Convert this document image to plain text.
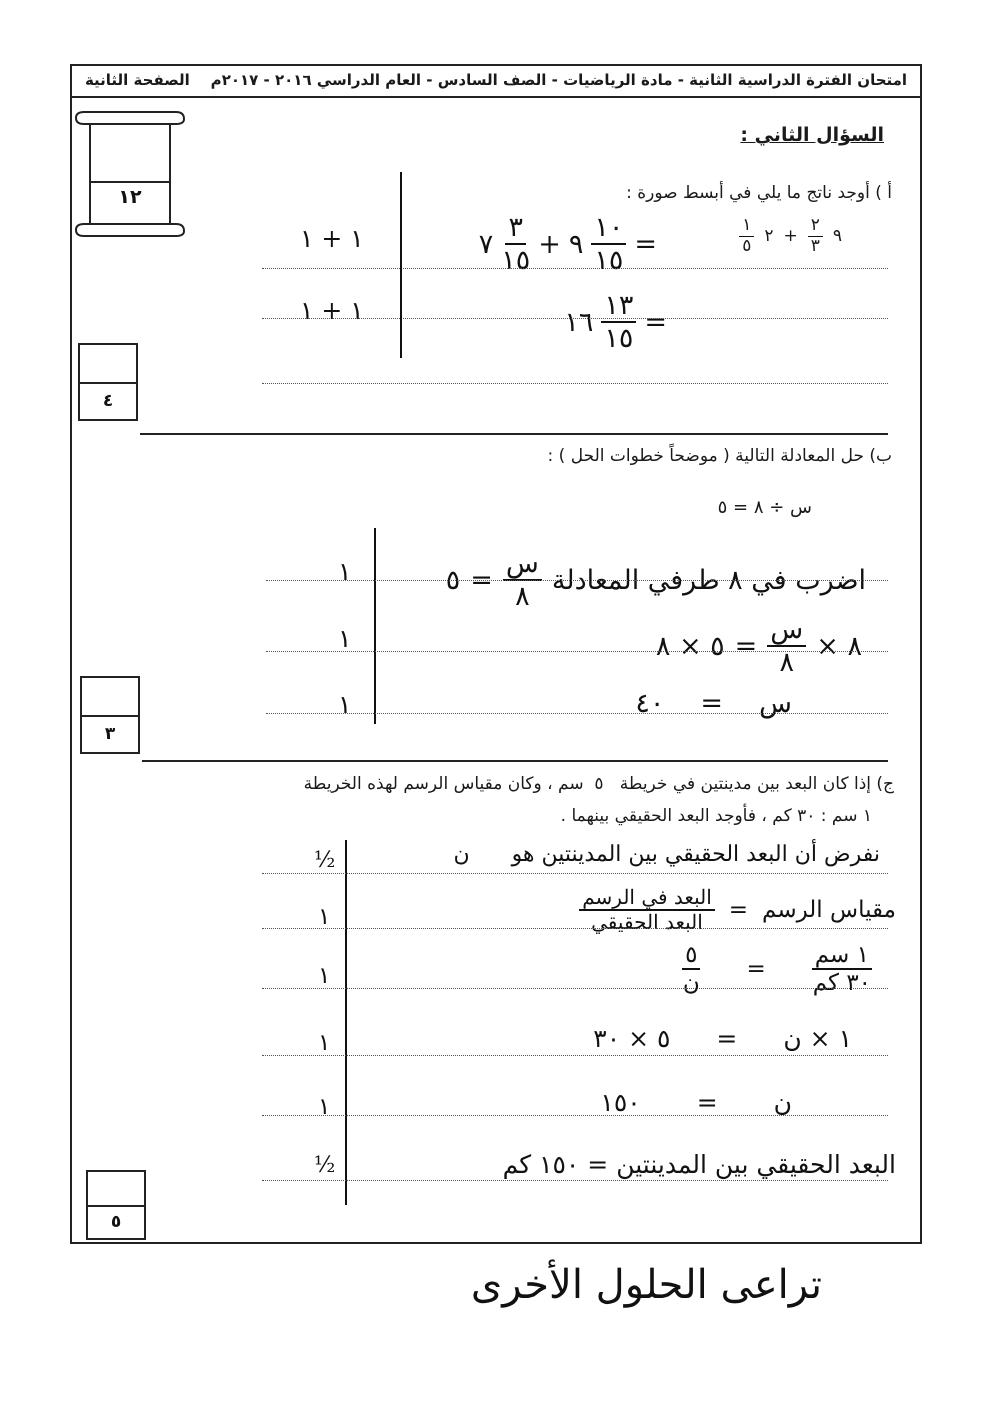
امتحان الفترة الدراسية الثانية - مادة الرياضيات - الصف السادس - العام الدراسي ٢٠١٦ - ٢٠١٧م    الصفحة الثانية
١٢
السؤال الثاني :
أ ) أوجد ناتج ما يلي في أبسط صورة :
٩
$\frac{٢}{٣}$
+
٢
$\frac{١}{٥}$
=
$\frac{١٠}{١٥}$
٩
+
$\frac{٣}{١٥}$
٧
=
$\frac{١٣}{١٥}$
١٦
١ + ١
١ + ١
٤
ب) حل المعادلة التالية ( موضحاً خطوات الحل ) :
س ÷ ٨ = ٥
اضرب في ٨ طرفي المعادلة
$\frac{\text{س}}{٨}$
=
٥
٨ ×
$\frac{\text{س}}{٨}$
=
٥ × ٨
س
=
٤٠
١
١
١
٣
ج) إذا كان البعد بين مدينتين في خريطة   ٥  سم ، وكان مقياس الرسم لهذه الخريطة
١ سم : ٣٠ كم ، فأوجد البعد الحقيقي بينهما .
نفرض أن البعد الحقيقي بين المدينتين هو      ن
مقياس الرسم
=
$\frac{\text{البعد في الرسم}}{\text{البعد الحقيقي}}$
$\frac{\text{١ سم}}{\text{٣٠ كم}}$
=
$\frac{٥}{\text{ن}}$
١ × ن
=
٥ × ٣٠
ن
=
١٥٠
البعد الحقيقي بين المدينتين = ١٥٠ كم
½
١
١
١
١
½
٥
تراعى الحلول الأخرى
